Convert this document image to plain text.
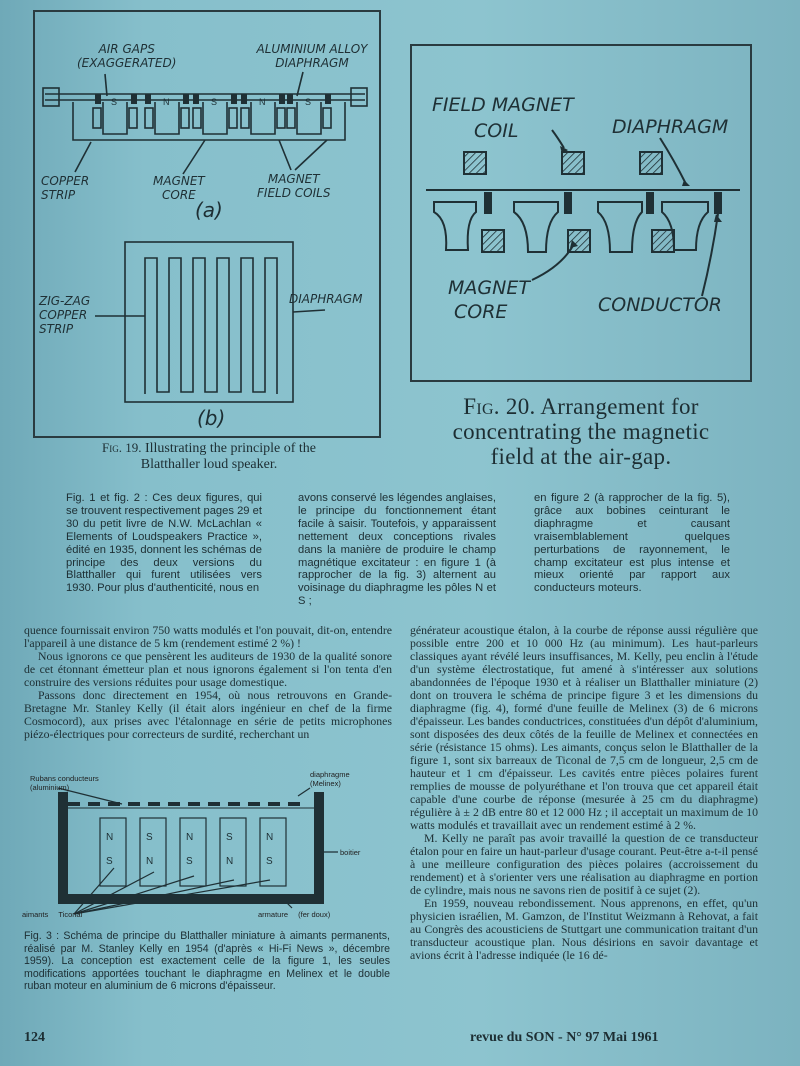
AIR GAPS
(EXAGGERATED)
ALUMINIUM ALLOY
DIAPHRAGM
S	N	S	N	S
COPPER
STRIP
MAGNET
CORE
MAGNET
FIELD COILS
(a)
ZIG-ZAG
COPPER
STRIP
DIAPHRAGM
(b)
Fig. 19. Illustrating the principle of the
Blatthaller loud speaker.
FIELD MAGNET
COIL	DIAPHRAGM
MAGNET
CORE	CONDUCTOR
Fig. 20. Arrangement for
concentrating the magnetic
field at the air-gap.
Fig. 1 et fig. 2 : Ces deux figures, qui se trouvent respectivement pages 29 et 30 du petit livre de N.W. McLachlan « Elements of Loudspeakers Practice », édité en 1935, donnent les schémas de principe des deux versions du Blatthaller qui furent utilisées vers 1930. Pour plus d'authenticité, nous en
avons conservé les légendes anglaises, le principe du fonctionnement étant facile à saisir. Toutefois, y apparaissent nettement deux conceptions rivales dans la manière de produire le champ magnétique excitateur : en figure 1 (à rapprocher de la fig. 3) alternent au voisinage du diaphragme les pôles N et S ;
en figure 2 (à rapprocher de la fig. 5), grâce aux bobines ceinturant le diaphragme et causant vraisemblablement quelques perturbations de rayonnement, le champ excitateur est plus intense et mieux orienté par rapport aux conducteurs moteurs.

quence fournissait environ 750 watts modulés et l'on pouvait, dit-on, entendre l'appareil à une distance de 5 km (rendement estimé 2 %) !

Nous ignorons ce que pensèrent les auditeurs de 1930 de la qualité sonore de cet étonnant émetteur plan et nous ignorons également si l'on tenta d'en construire des versions réduites pour usage domestique.

Passons donc directement en 1954, où nous retrouvons en Grande-Bretagne Mr. Stanley Kelly (il était alors ingénieur en chef de la firme Cosmocord), aux prises avec l'étalonnage en série de petits microphones piézo-électriques pour correcteurs de surdité, recherchant un

Rubans conducteurs
(aluminium)
diaphragme
(Melinex)
boitier
aimants Ticonal	armature (fer doux)
N
S
S
N
N
S
S
N
N
S
Fig. 3 : Schéma de principe du Blatthaller miniature à aimants permanents, réalisé par M. Stanley Kelly en 1954 (d'après « Hi-Fi News », décembre 1959). La conception est exactement celle de la figure 1, les seules modifications apportées touchant le diaphragme en Melinex et le double ruban moteur en aluminium de 6 microns d'épaisseur.

générateur acoustique étalon, à la courbe de réponse aussi régulière que possible entre 200 et 10 000 Hz (au minimum). Les haut-parleurs classiques ayant révélé leurs insuffisances, M. Kelly, peu enclin à l'étude d'un système électrostatique, fut amené à s'intéresser aux solutions abandonnées de l'époque 1930 et à réaliser un Blatthaller miniature (2) dont on trouvera le schéma de principe figure 3 et les dimensions du diaphragme (fig. 4), formé d'une feuille de Melinex (3) de 6 microns d'épaisseur. Les bandes conductrices, constituées d'un dépôt d'aluminium, sont disposées des deux côtés de la feuille de Melinex et connectées en série (résistance 15 ohms). Les aimants, conçus selon le Blatthaller de la figure 1, sont six barreaux de Ticonal de 7,5 cm de longueur, 2,5 cm de hauteur et 1 cm d'épaisseur. Les cavités entre pièces polaires furent remplies de mousse de polyuréthane et l'on trouva que cet appareil était capable d'une courbe de réponse (mesurée à 25 cm du diaphragme) régulière à ± 2 dB entre 80 et 12 000 Hz ; il acceptait un maximum de 10 watts modulés et travaillait avec un rendement estimé à 2 %.

M. Kelly ne paraît pas avoir travaillé la question de ce transducteur étalon pour en faire un haut-parleur d'usage courant. Peut-être a-t-il pensé à une meilleure configuration des pièces polaires (accroissement du rendement) et à s'orienter vers une réalisation au diaphragme en portion de cylindre, mais nous ne savons rien de positif à ce sujet (2).

En 1959, nouveau rebondissement. Nous apprenons, en effet, qu'un physicien israélien, M. Gamzon, de l'Institut Weizmann à Rehovat, a fait au Congrès des acousticiens de Stuttgart une communication traitant d'un transducteur acoustique plan. Nous désirions en savoir davantage et avions écrit à l'adresse indiquée (le 16 dé-

124	revue du SON - N° 97 Mai 1961
